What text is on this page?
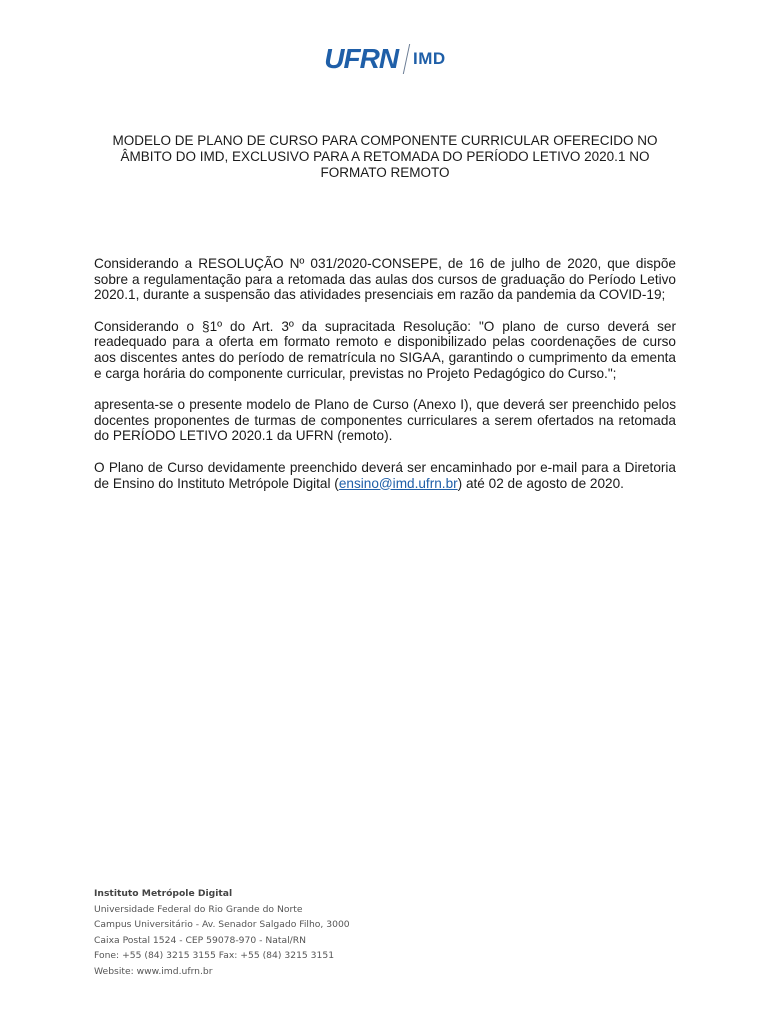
UFRN IMD
MODELO DE PLANO DE CURSO PARA COMPONENTE CURRICULAR OFERECIDO NO
ÂMBITO DO IMD, EXCLUSIVO PARA A RETOMADA DO PERÍODO LETIVO 2020.1 NO
FORMATO REMOTO

Considerando a RESOLUÇÃO Nº 031/2020-CONSEPE, de 16 de julho de 2020, que dispõe sobre a regulamentação para a retomada das aulas dos cursos de graduação do Período Letivo 2020.1, durante a suspensão das atividades presenciais em razão da pandemia da COVID-19;

Considerando o §1º do Art. 3º da supracitada Resolução: "O plano de curso deverá ser readequado para a oferta em formato remoto e disponibilizado pelas coordenações de curso aos discentes antes do período de rematrícula no SIGAA, garantindo o cumprimento da ementa e carga horária do componente curricular, previstas no Projeto Pedagógico do Curso.";

apresenta-se o presente modelo de Plano de Curso (Anexo I), que deverá ser preenchido pelos docentes proponentes de turmas de componentes curriculares a serem ofertados na retomada do PERÍODO LETIVO 2020.1 da UFRN (remoto).

O Plano de Curso devidamente preenchido deverá ser encaminhado por e-mail para a Diretoria de Ensino do Instituto Metrópole Digital (ensino@imd.ufrn.br) até 02 de agosto de 2020.

Instituto Metrópole Digital
Universidade Federal do Rio Grande do Norte
Campus Universitário - Av. Senador Salgado Filho, 3000
Caixa Postal 1524 - CEP 59078-970 - Natal/RN
Fone: +55 (84) 3215 3155 Fax: +55 (84) 3215 3151
Website: www.imd.ufrn.br
